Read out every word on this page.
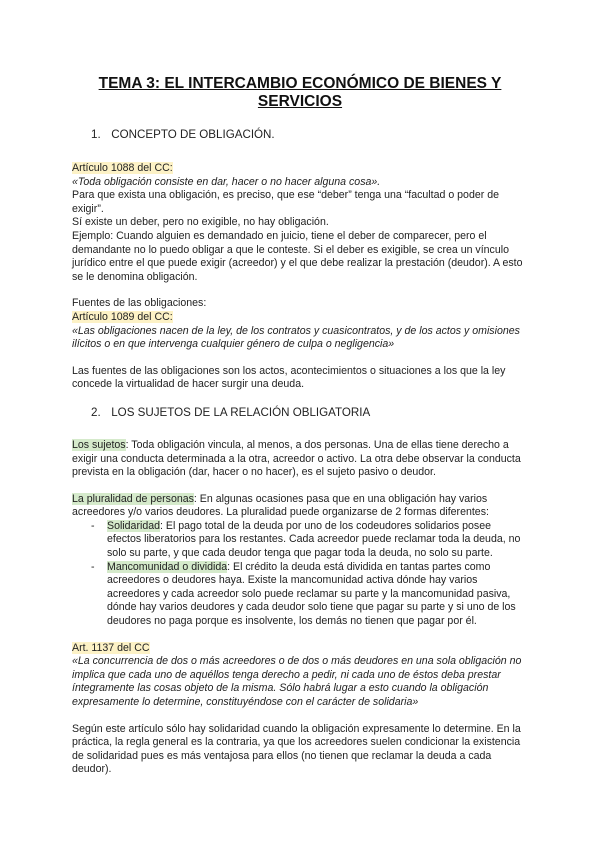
TEMA 3: EL INTERCAMBIO ECONÓMICO DE BIENES Y SERVICIOS
1. CONCEPTO DE OBLIGACIÓN.

Artículo 1088 del CC:

«Toda obligación consiste en dar, hacer o no hacer alguna cosa».

Para que exista una obligación, es preciso, que ese “deber” tenga una “facultad o poder de exigir”.

Sí existe un deber, pero no exigible, no hay obligación.

Ejemplo: Cuando alguien es demandado en juicio, tiene el deber de comparecer, pero el demandante no lo puedo obligar a que le conteste. Si el deber es exigible, se crea un vínculo jurídico entre el que puede exigir (acreedor) y el que debe realizar la prestación (deudor). A esto se le denomina obligación.

Fuentes de las obligaciones:

Artículo 1089 del CC:

«Las obligaciones nacen de la ley, de los contratos y cuasicontratos, y de los actos y omisiones ilícitos o en que intervenga cualquier género de culpa o negligencia»

Las fuentes de las obligaciones son los actos, acontecimientos o situaciones a los que la ley concede la virtualidad de hacer surgir una deuda.

2. LOS SUJETOS DE LA RELACIÓN OBLIGATORIA

Los sujetos: Toda obligación vincula, al menos, a dos personas. Una de ellas tiene derecho a exigir una conducta determinada a la otra, acreedor o activo. La otra debe observar la conducta prevista en la obligación (dar, hacer o no hacer), es el sujeto pasivo o deudor.

La pluralidad de personas: En algunas ocasiones pasa que en una obligación hay varios acreedores y/o varios deudores. La pluralidad puede organizarse de 2 formas diferentes:

- Solidaridad: El pago total de la deuda por uno de los codeudores solidarios posee efectos liberatorios para los restantes. Cada acreedor puede reclamar toda la deuda, no solo su parte, y que cada deudor tenga que pagar toda la deuda, no solo su parte.
- Mancomunidad o dividida: El crédito la deuda está dividida en tantas partes como acreedores o deudores haya. Existe la mancomunidad activa dónde hay varios acreedores y cada acreedor solo puede reclamar su parte y la mancomunidad pasiva, dónde hay varios deudores y cada deudor solo tiene que pagar su parte y si uno de los deudores no paga porque es insolvente, los demás no tienen que pagar por él.

Art. 1137 del CC

«La concurrencia de dos o más acreedores o de dos o más deudores en una sola obligación no implica que cada uno de aquéllos tenga derecho a pedir, ni cada uno de éstos deba prestar íntegramente las cosas objeto de la misma. Sólo habrá lugar a esto cuando la obligación expresamente lo determine, constituyéndose con el carácter de solidaria»

Según este artículo sólo hay solidaridad cuando la obligación expresamente lo determine. En la práctica, la regla general es la contraria, ya que los acreedores suelen condicionar la existencia de solidaridad pues es más ventajosa para ellos (no tienen que reclamar la deuda a cada deudor).
